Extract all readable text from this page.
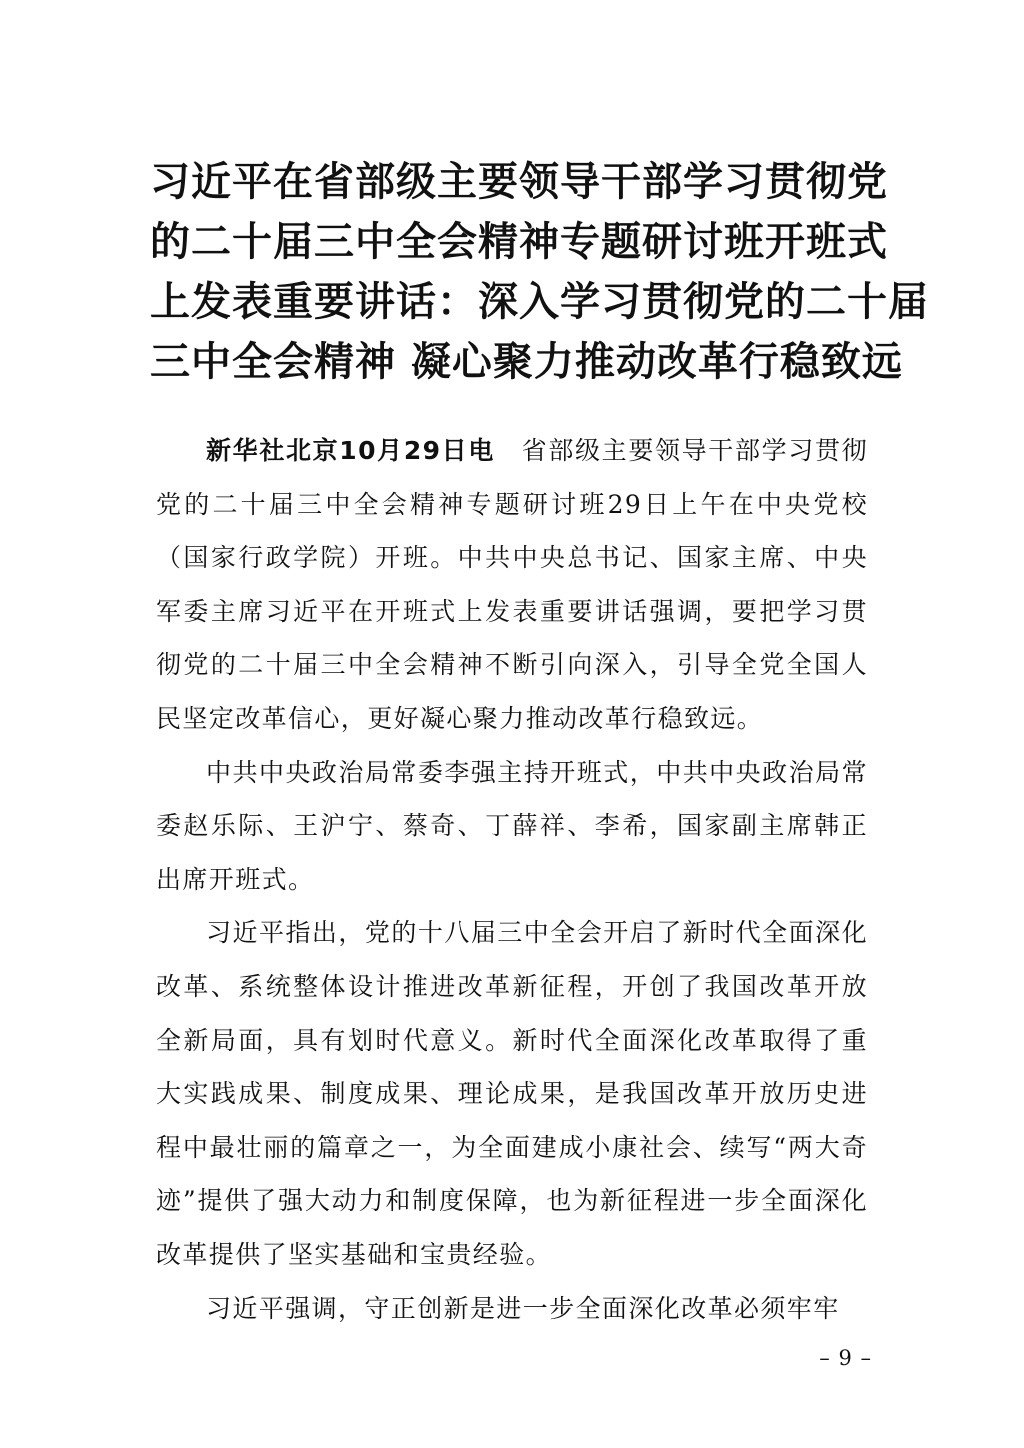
习近平在省部级主要领导干部学习贯彻党
的二十届三中全会精神专题研讨班开班式
上发表重要讲话：深入学习贯彻党的二十届
三中全会精神 凝心聚力推动改革行稳致远

新华社北京10月29日电　 省部级主要领导干部学习贯彻党的二十届三中全会精神专题研讨班29日上午在中央党校（国家行政学院）开班。中共中央总书记、国家主席、中央军委主席习近平在开班式上发表重要讲话强调，要把学习贯彻党的二十届三中全会精神不断引向深入，引导全党全国人民坚定改革信心，更好凝心聚力推动改革行稳致远。

中共中央政治局常委李强主持开班式，中共中央政治局常委赵乐际、王沪宁、蔡奇、丁薛祥、李希，国家副主席韩正出席开班式。

习近平指出，党的十八届三中全会开启了新时代全面深化改革、系统整体设计推进改革新征程，开创了我国改革开放全新局面，具有划时代意义。新时代全面深化改革取得了重大实践成果、制度成果、理论成果，是我国改革开放历史进程中最壮丽的篇章之一，为全面建成小康社会、续写“两大奇迹”提供了强大动力和制度保障，也为新征程进一步全面深化改革提供了坚实基础和宝贵经验。

习近平强调，守正创新是进一步全面深化改革必须牢牢

– 9 –
